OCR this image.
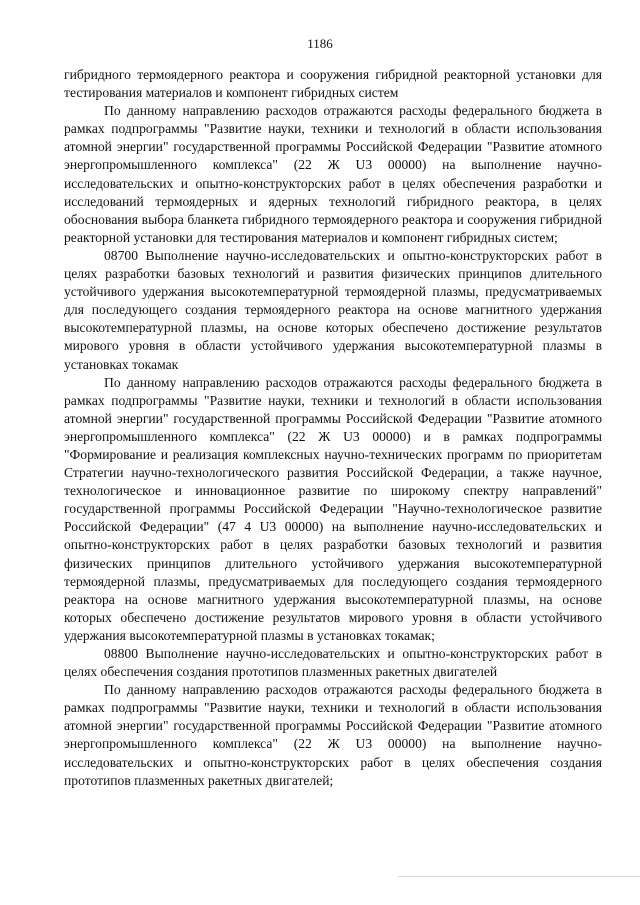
1186

гибридного термоядерного реактора и сооружения гибридной реакторной установки для тестирования материалов и компонент гибридных систем

По данному направлению расходов отражаются расходы федерального бюджета в рамках подпрограммы "Развитие науки, техники и технологий в области использования атомной энергии" государственной программы Российской Федерации "Развитие атомного энергопромышленного комплекса" (22 Ж U3 00000) на выполнение научно-исследовательских и опытно-конструкторских работ в целях обеспечения разработки и исследований термоядерных и ядерных технологий гибридного реактора, в целях обоснования выбора бланкета гибридного термоядерного реактора и сооружения гибридной реакторной установки для тестирования материалов и компонент гибридных систем;

08700 Выполнение научно-исследовательских и опытно-конструкторских работ в целях разработки базовых технологий и развития физических принципов длительного устойчивого удержания высокотемпературной термоядерной плазмы, предусматриваемых для последующего создания термоядерного реактора на основе магнитного удержания высокотемпературной плазмы, на основе которых обеспечено достижение результатов мирового уровня в области устойчивого удержания высокотемпературной плазмы в установках токамак

По данному направлению расходов отражаются расходы федерального бюджета в рамках подпрограммы "Развитие науки, техники и технологий в области использования атомной энергии" государственной программы Российской Федерации "Развитие атомного энергопромышленного комплекса" (22 Ж U3 00000) и в рамках подпрограммы "Формирование и реализация комплексных научно-технических программ по приоритетам Стратегии научно-технологического развития Российской Федерации, а также научное, технологическое и инновационное развитие по широкому спектру направлений" государственной программы Российской Федерации "Научно-технологическое развитие Российской Федерации" (47 4 U3 00000) на выполнение научно-исследовательских и опытно-конструкторских работ в целях разработки базовых технологий и развития физических принципов длительного устойчивого удержания высокотемпературной термоядерной плазмы, предусматриваемых для последующего создания термоядерного реактора на основе магнитного удержания высокотемпературной плазмы, на основе которых обеспечено достижение результатов мирового уровня в области устойчивого удержания высокотемпературной плазмы в установках токамак;

08800 Выполнение научно-исследовательских и опытно-конструкторских работ в целях обеспечения создания прототипов плазменных ракетных двигателей

По данному направлению расходов отражаются расходы федерального бюджета в рамках подпрограммы "Развитие науки, техники и технологий в области использования атомной энергии" государственной программы Российской Федерации "Развитие атомного энергопромышленного комплекса" (22 Ж U3 00000) на выполнение научно-исследовательских и опытно-конструкторских работ в целях обеспечения создания прототипов плазменных ракетных двигателей;
